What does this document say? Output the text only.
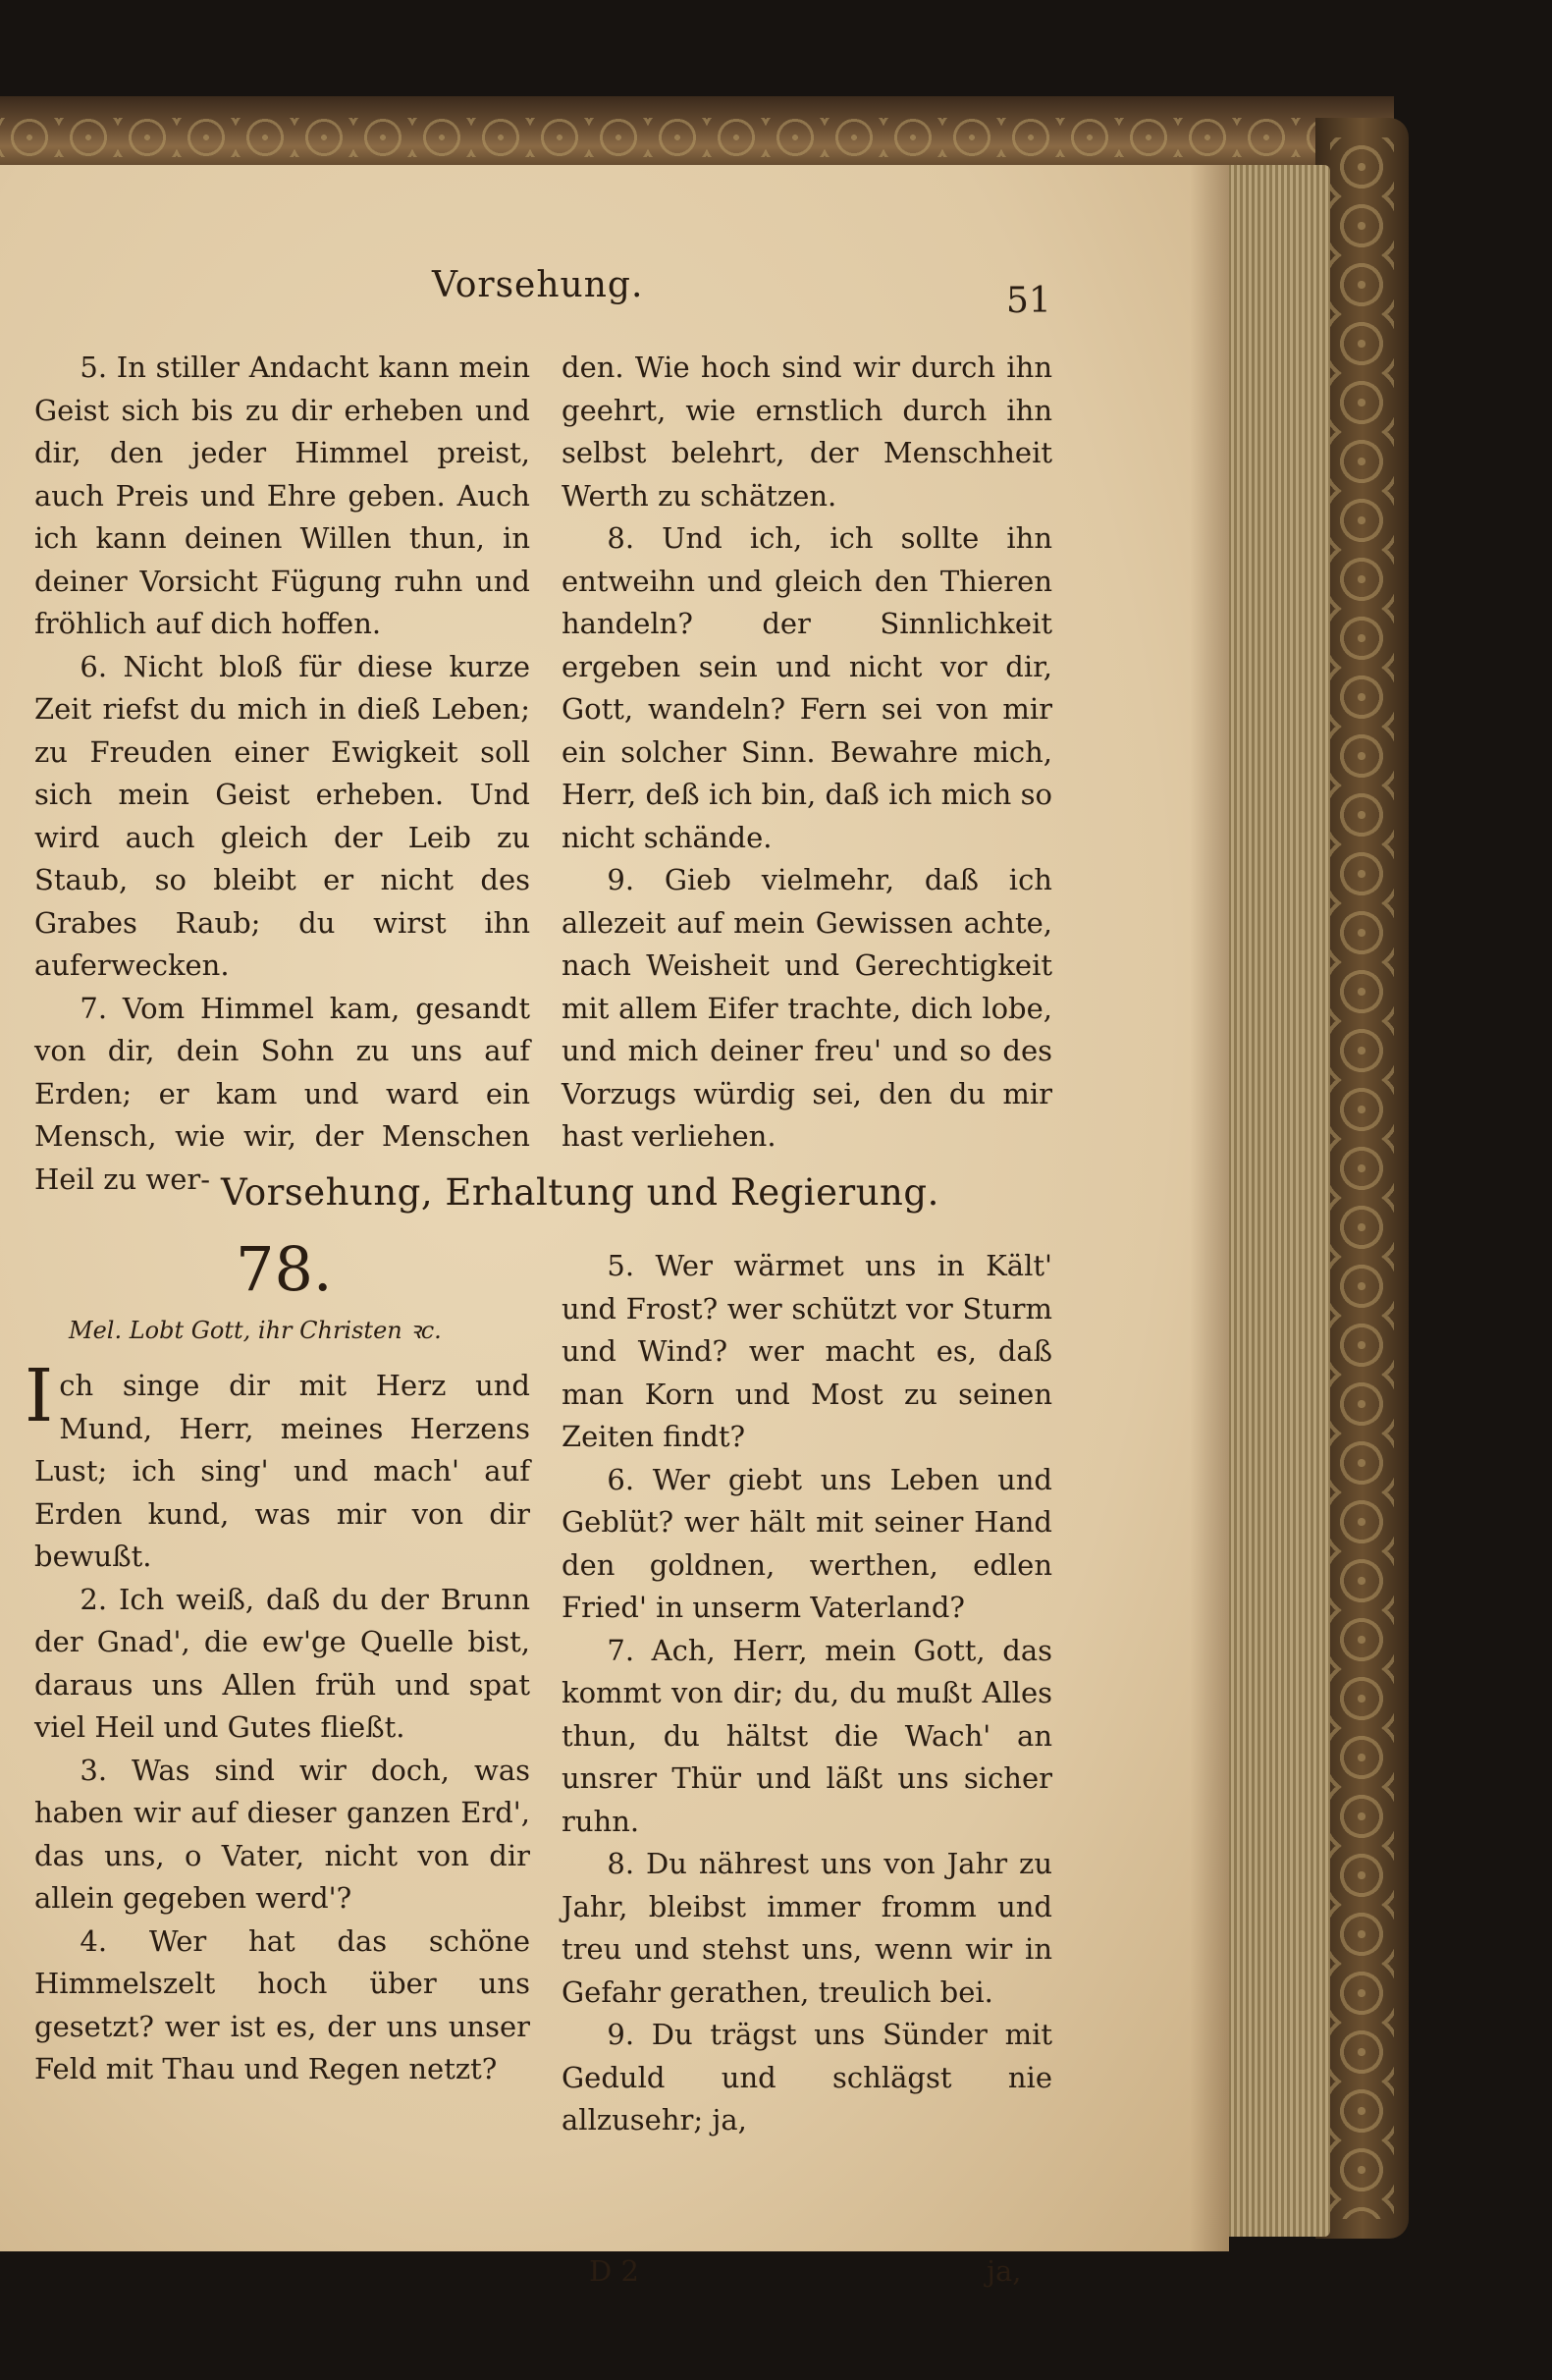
Vorsehung.	51

5. In stiller Andacht kann mein Geist sich bis zu dir erheben und dir, den jeder Himmel preist, auch Preis und Ehre geben. Auch ich kann deinen Willen thun, in deiner Vorsicht Fügung ruhn und fröhlich auf dich hoffen.

6. Nicht bloß für diese kurze Zeit riefst du mich in dieß Leben; zu Freuden einer Ewigkeit soll sich mein Geist erheben. Und wird auch gleich der Leib zu Staub, so bleibt er nicht des Grabes Raub; du wirst ihn auferwecken.

7. Vom Himmel kam, gesandt von dir, dein Sohn zu uns auf Erden; er kam und ward ein Mensch, wie wir, der Menschen Heil zu wer-

den. Wie hoch sind wir durch ihn geehrt, wie ernstlich durch ihn selbst belehrt, der Menschheit Werth zu schätzen.

8. Und ich, ich sollte ihn entweihn und gleich den Thieren handeln? der Sinnlichkeit ergeben sein und nicht vor dir, Gott, wandeln? Fern sei von mir ein solcher Sinn. Bewahre mich, Herr, deß ich bin, daß ich mich so nicht schände.

9. Gieb vielmehr, daß ich allezeit auf mein Gewissen achte, nach Weisheit und Gerechtigkeit mit allem Eifer trachte, dich lobe, und mich deiner freu' und so des Vorzugs würdig sei, den du mir hast verliehen.

Vorsehung, Erhaltung und Regierung.
78.
Mel. Lobt Gott, ihr Christen ꝛc.

Ich singe dir mit Herz und Mund, Herr, meines Herzens Lust; ich sing' und mach' auf Erden kund, was mir von dir bewußt.

2. Ich weiß, daß du der Brunn der Gnad', die ew'ge Quelle bist, daraus uns Allen früh und spat viel Heil und Gutes fließt.

3. Was sind wir doch, was haben wir auf dieser ganzen Erd', das uns, o Vater, nicht von dir allein gegeben werd'?

4. Wer hat das schöne Himmelszelt hoch über uns gesetzt? wer ist es, der uns unser Feld mit Thau und Regen netzt?

5. Wer wärmet uns in Kält' und Frost? wer schützt vor Sturm und Wind? wer macht es, daß man Korn und Most zu seinen Zeiten findt?

6. Wer giebt uns Leben und Geblüt? wer hält mit seiner Hand den goldnen, werthen, edlen Fried' in unserm Vaterland?

7. Ach, Herr, mein Gott, das kommt von dir; du, du mußt Alles thun, du hältst die Wach' an unsrer Thür und läßt uns sicher ruhn.

8. Du nährest uns von Jahr zu Jahr, bleibst immer fromm und treu und stehst uns, wenn wir in Gefahr gerathen, treulich bei.

9. Du trägst uns Sünder mit Geduld und schlägst nie allzusehr; ja,

D 2	ja,
